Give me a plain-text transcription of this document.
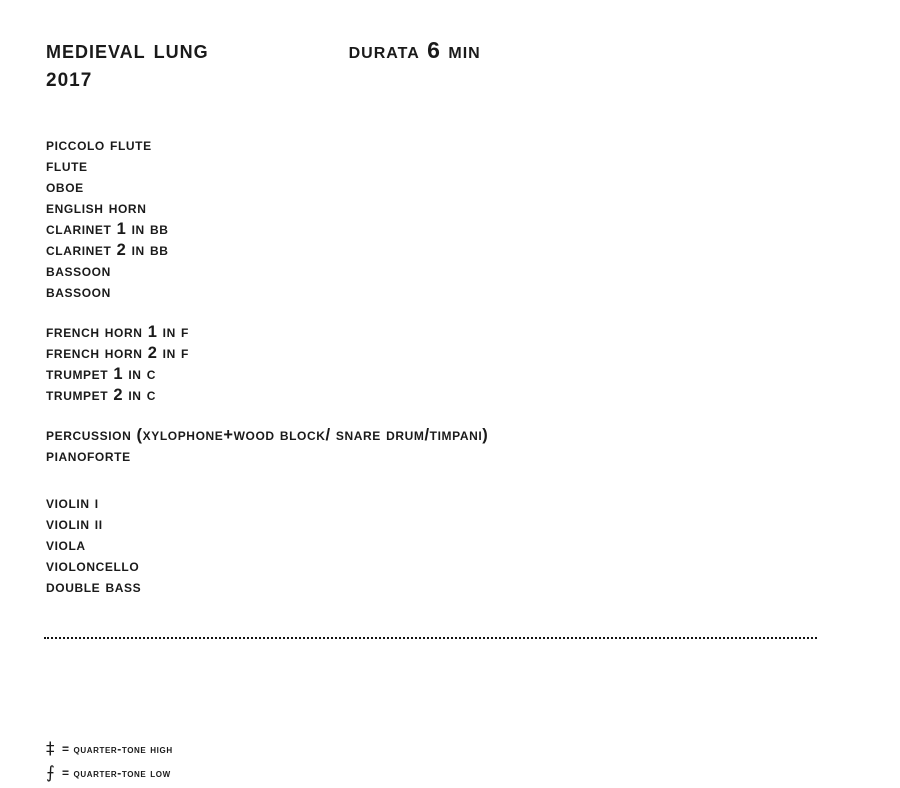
medieval lung	durata 6 min
2017
piccolo flute
flute
oboe
english horn
clarinet 1 in bb
clarinet 2 in bb
bassoon
bassoon
french horn 1 in f
french horn 2 in f
trumpet 1 in c
trumpet 2 in c
percussion (xylophone+wood block/ snare drum/timpani)
pianoforte
violin i
violin ii
viola
violoncello
double bass
‡ = quarter-tone high
⨍ = quarter-tone low
